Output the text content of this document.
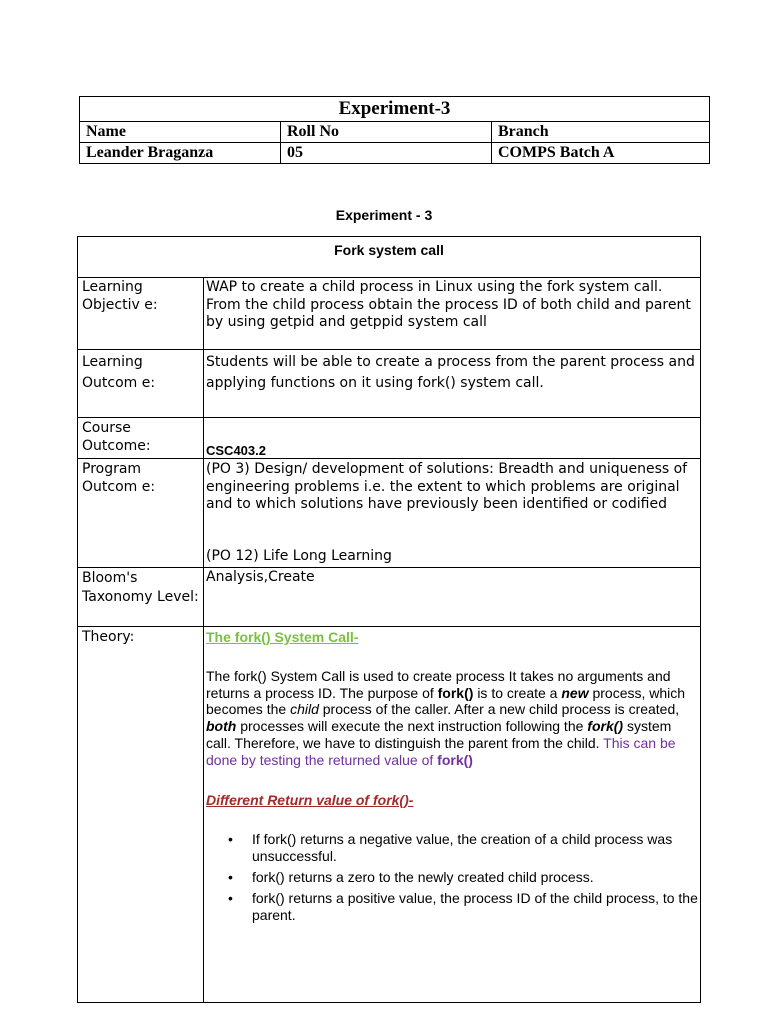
Experiment-3		
Name	Roll No	Branch
Leander Braganza	05	COMPS Batch A
Experiment - 3
Fork system call
Learning Objectiv e:
WAP to create a child process in Linux using the fork system call. From the child process obtain the process ID of both child and parent by using getpid and getppid system call
Learning Outcom e:
Students will be able to create a process from the parent process and applying functions on it using fork() system call.
Course Outcome:	CSC403.2
Program Outcom e:
(PO 3) Design/ development of solutions: Breadth and uniqueness of engineering problems i.e. the extent to which problems are original and to which solutions have previously been identified or codified
(PO 12) Life Long Learning
Bloom's Taxonomy Level:
Analysis,Create
Theory:	The fork() System Call-
The fork() System Call is used to create process It takes no arguments and returns a process ID. The purpose of fork() is to create a new process, which becomes the child process of the caller. After a new child process is created, both processes will execute the next instruction following the fork() system call. Therefore, we have to distinguish the parent from the child. This can be done by testing the returned value of fork()
Different Return value of fork()-
• If fork() returns a negative value, the creation of a child process was unsuccessful.
• fork() returns a zero to the newly created child process.
• fork() returns a positive value, the process ID of the child process, to the parent.
